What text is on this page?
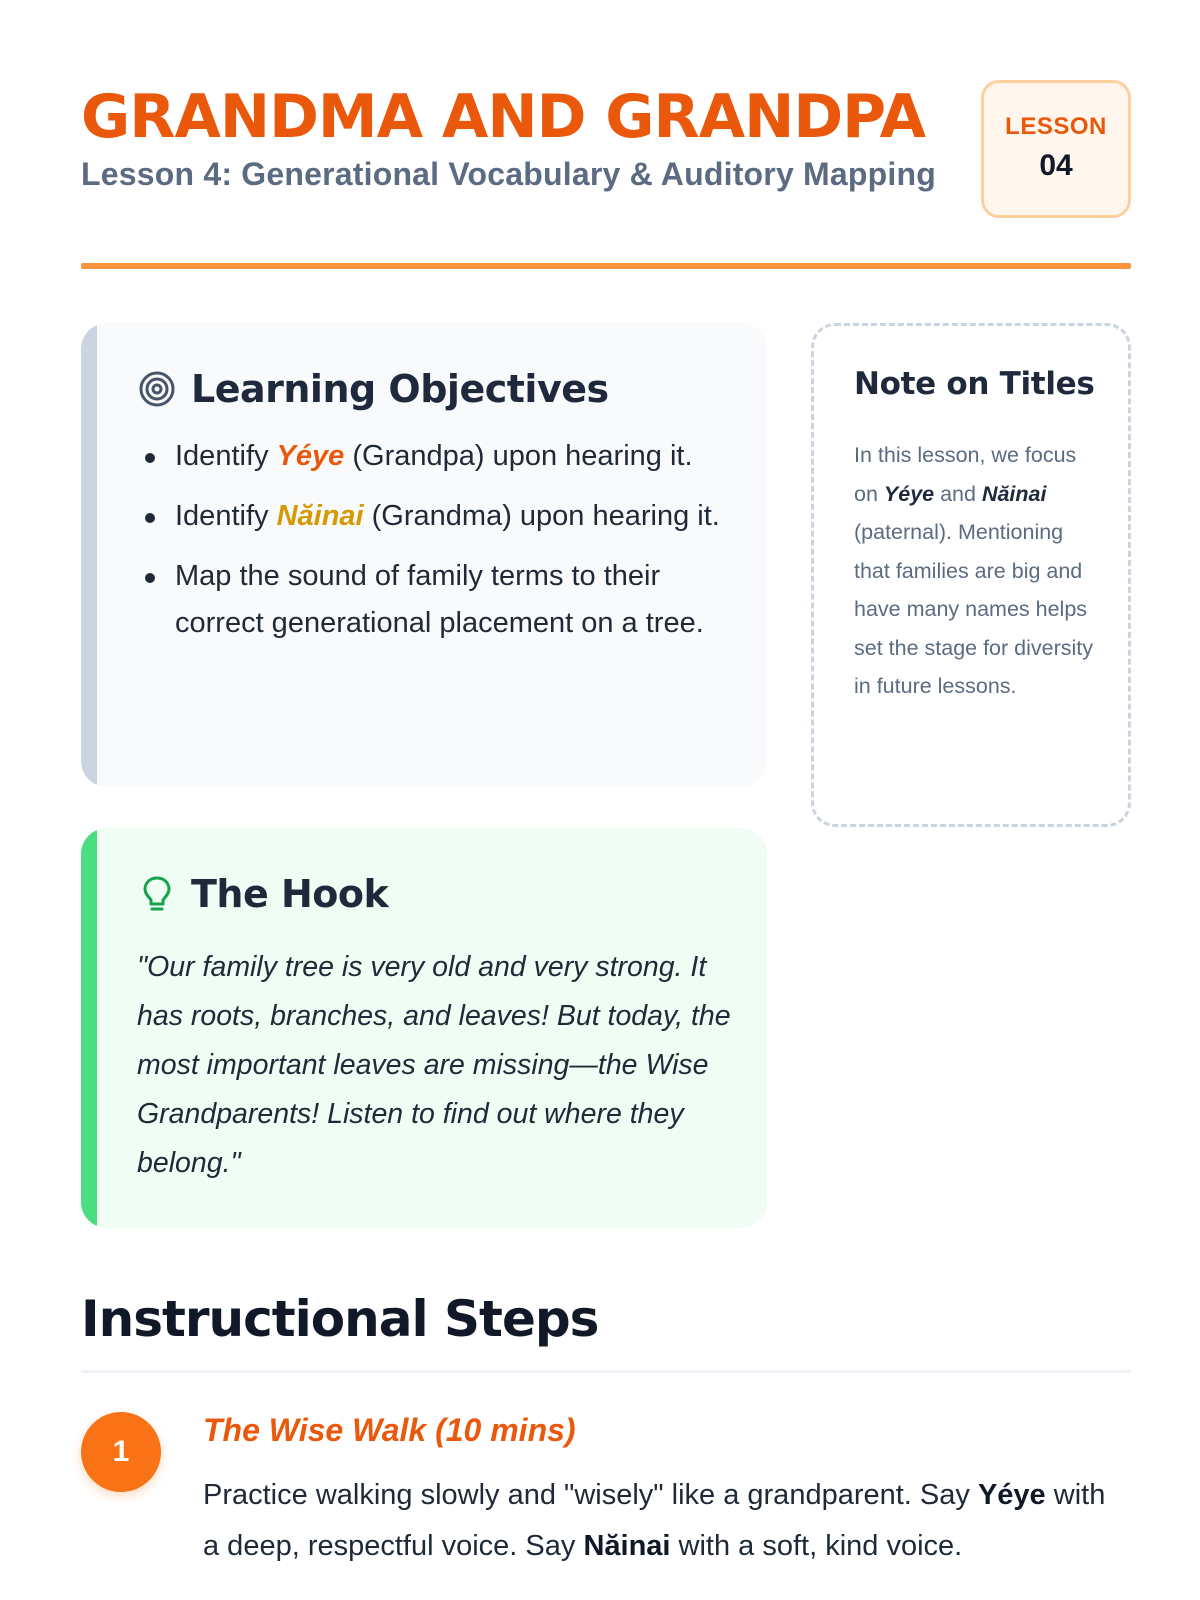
GRANDMA AND GRANDPA
Lesson 4: Generational Vocabulary & Auditory Mapping
LESSON
04
Learning Objectives
Identify Yéye (Grandpa) upon hearing it.
Identify Năinai (Grandma) upon hearing it.
Map the sound of family terms to their correct generational placement on a tree.
Note on Titles

In this lesson, we focus on Yéye and Năinai (paternal). Mentioning that families are big and have many names helps set the stage for diversity in future lessons.

The Hook

"Our family tree is very old and very strong. It has roots, branches, and leaves! But today, the most important leaves are missing—the Wise Grandparents! Listen to find out where they belong."

Instructional Steps
1
The Wise Walk (10 mins)

Practice walking slowly and "wisely" like a grandparent. Say Yéye with a deep, respectful voice. Say Năinai with a soft, kind voice.
